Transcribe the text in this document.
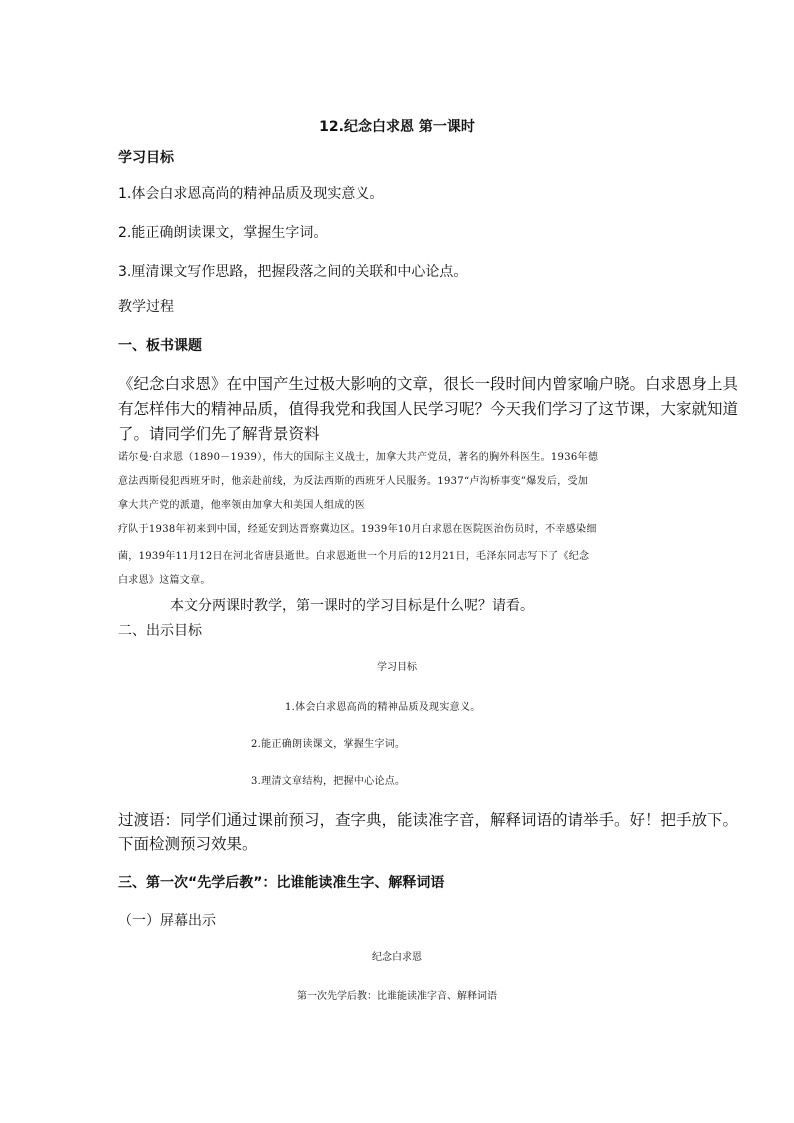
12.纪念白求恩 第一课时
学习目标
1.体会白求恩高尚的精神品质及现实意义。
2.能正确朗读课文，掌握生字词。
3.厘清课文写作思路，把握段落之间的关联和中心论点。
教学过程
一、板书课题
《纪念白求恩》在中国产生过极大影响的文章，很长一段时间内曾家喻户晓。白求恩身上具
有怎样伟大的精神品质，值得我党和我国人民学习呢？今天我们学习了这节课，大家就知道
了。请同学们先了解背景资料
诺尔曼·白求恩（1890－1939），伟大的国际主义战士，加拿大共产党员，著名的胸外科医生。1936年德
意法西斯侵犯西班牙时，他亲赴前线，为反法西斯的西班牙人民服务。1937“卢沟桥事变”爆发后，受加
拿大共产党的派遣，他率领由加拿大和美国人组成的医
疗队于1938年初来到中国，经延安到达晋察冀边区。1939年10月白求恩在医院医治伤员时，不幸感染细
菌，1939年11月12日在河北省唐县逝世。白求恩逝世一个月后的12月21日，毛泽东同志写下了《纪念
白求恩》这篇文章。
本文分两课时教学，第一课时的学习目标是什么呢？请看。
二、出示目标
学习目标
1.体会白求恩高尚的精神品质及现实意义。
2.能正确朗读课文，掌握生字词。
3.理清文章结构，把握中心论点。
过渡语：同学们通过课前预习，查字典，能读准字音，解释词语的请举手。好！把手放下。
下面检测预习效果。
三、第一次“先学后教”：比谁能读准生字、解释词语
（一）屏幕出示
纪念白求恩
第一次先学后教：比谁能读准字音、解释词语
